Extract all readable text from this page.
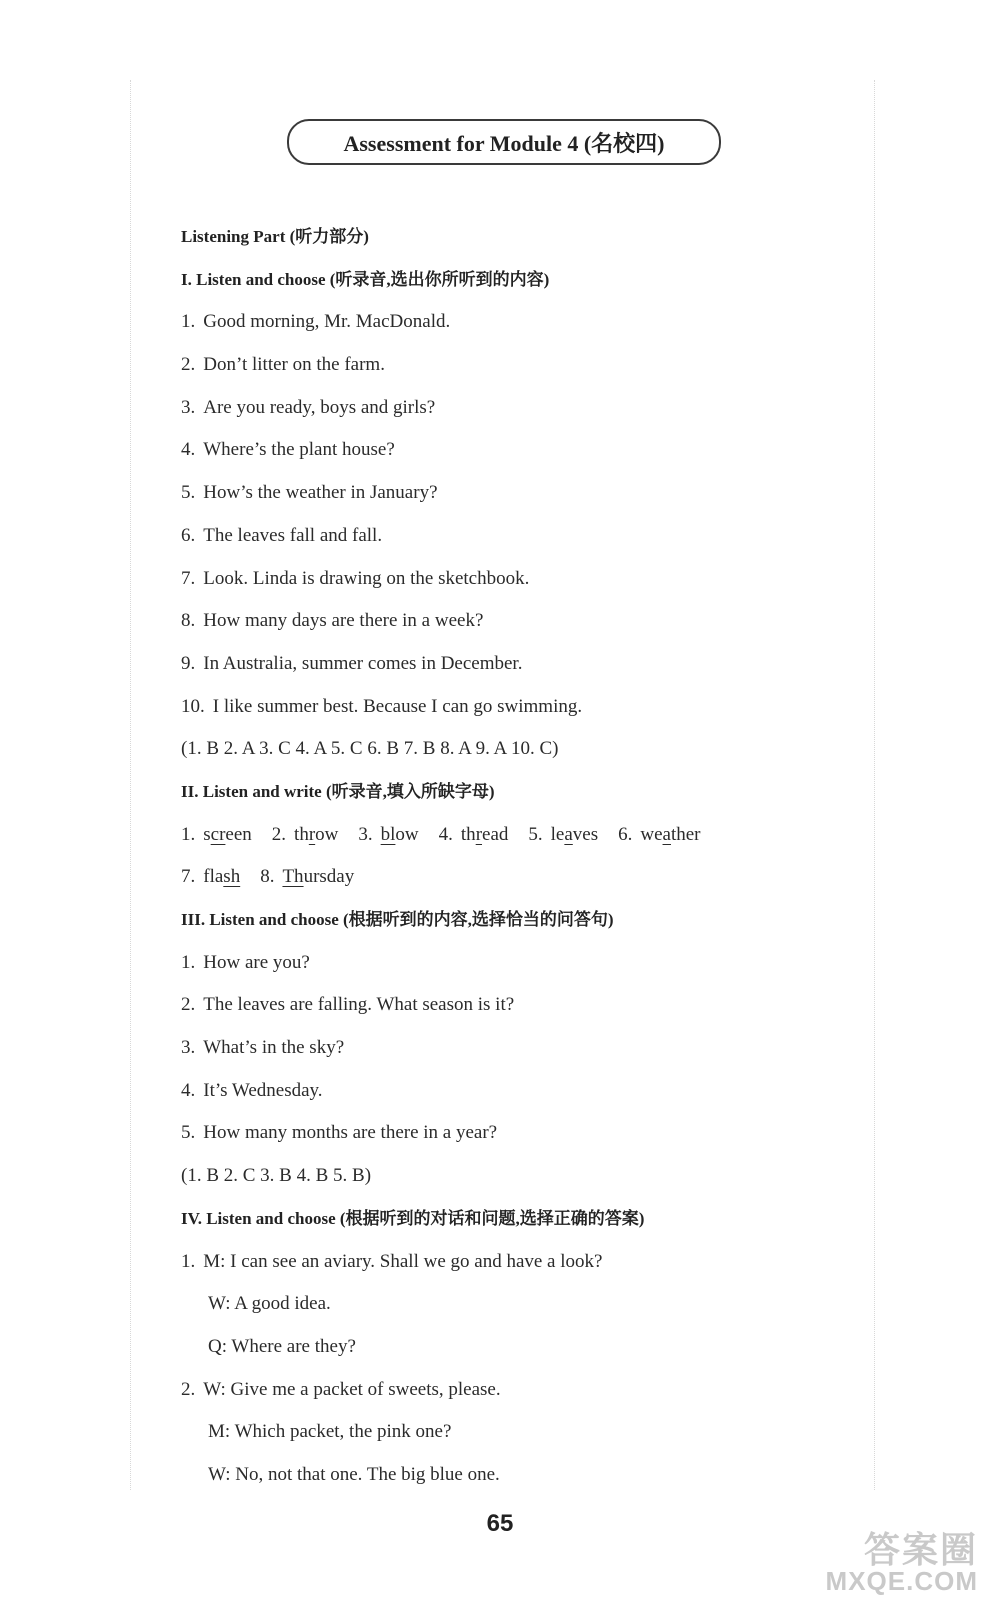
Assessment for Module 4 (名校四)
Listening Part (听力部分)
I. Listen and choose (听录音,选出你所听到的内容)
1. Good morning, Mr. MacDonald.
2. Don’t litter on the farm.
3. Are you ready, boys and girls?
4. Where’s the plant house?
5. How’s the weather in January?
6. The leaves fall and fall.
7. Look. Linda is drawing on the sketchbook.
8. How many days are there in a week?
9. In Australia, summer comes in December.
10. I like summer best. Because I can go swimming.
(1. B 2. A 3. C 4. A 5. C 6. B 7. B 8. A 9. A 10. C)
II. Listen and write (听录音,填入所缺字母)
1. screen 2. throw 3. blow 4. thread 5. leaves 6. weather
7. flash 8. Thursday
III. Listen and choose (根据听到的内容,选择恰当的问答句)
1. How are you?
2. The leaves are falling. What season is it?
3. What’s in the sky?
4. It’s Wednesday.
5. How many months are there in a year?
(1. B 2. C 3. B 4. B 5. B)
IV. Listen and choose (根据听到的对话和问题,选择正确的答案)
1. M: I can see an aviary. Shall we go and have a look?
W: A good idea.
Q: Where are they?
2. W: Give me a packet of sweets, please.
M: Which packet, the pink one?
W: No, not that one. The big blue one.
65
答案圈
MXQE.COM
